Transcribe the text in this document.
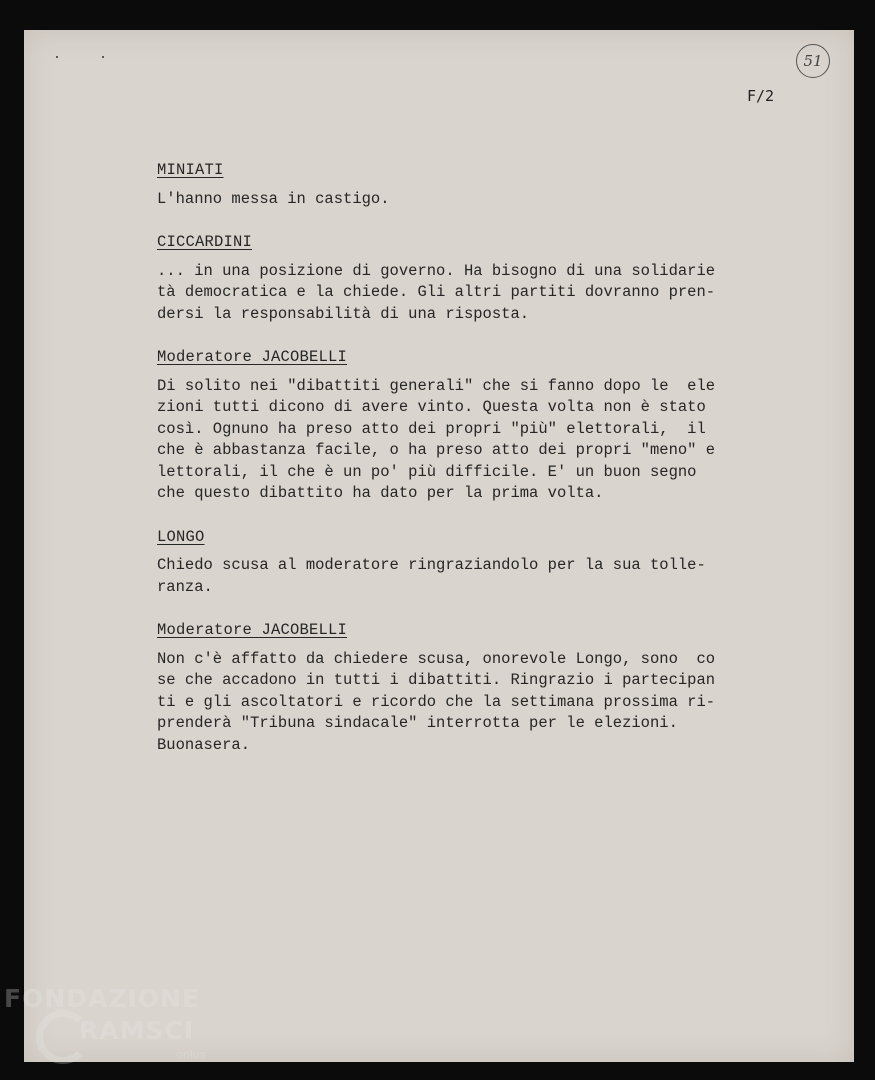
51
F/2
MINIATI
L'hanno messa in castigo.
CICCARDINI
... in una posizione di governo. Ha bisogno di una solidarie
tà democratica e la chiede. Gli altri partiti dovranno pren-
dersi la responsabilità di una risposta.
Moderatore JACOBELLI
Di solito nei "dibattiti generali" che si fanno dopo le  ele
zioni tutti dicono di avere vinto. Questa volta non è stato
così. Ognuno ha preso atto dei propri "più" elettorali,  il
che è abbastanza facile, o ha preso atto dei propri "meno" e
lettorali, il che è un po' più difficile. E' un buon segno
che questo dibattito ha dato per la prima volta.
LONGO
Chiedo scusa al moderatore ringraziandolo per la sua tolle-
ranza.
Moderatore JACOBELLI
Non c'è affatto da chiedere scusa, onorevole Longo, sono  co
se che accadono in tutti i dibattiti. Ringrazio i partecipan
ti e gli ascoltatori e ricordo che la settimana prossima ri-
prenderà "Tribuna sindacale" interrotta per le elezioni.
Buonasera.
FONDAZIONE
RAMSCI
onlus
